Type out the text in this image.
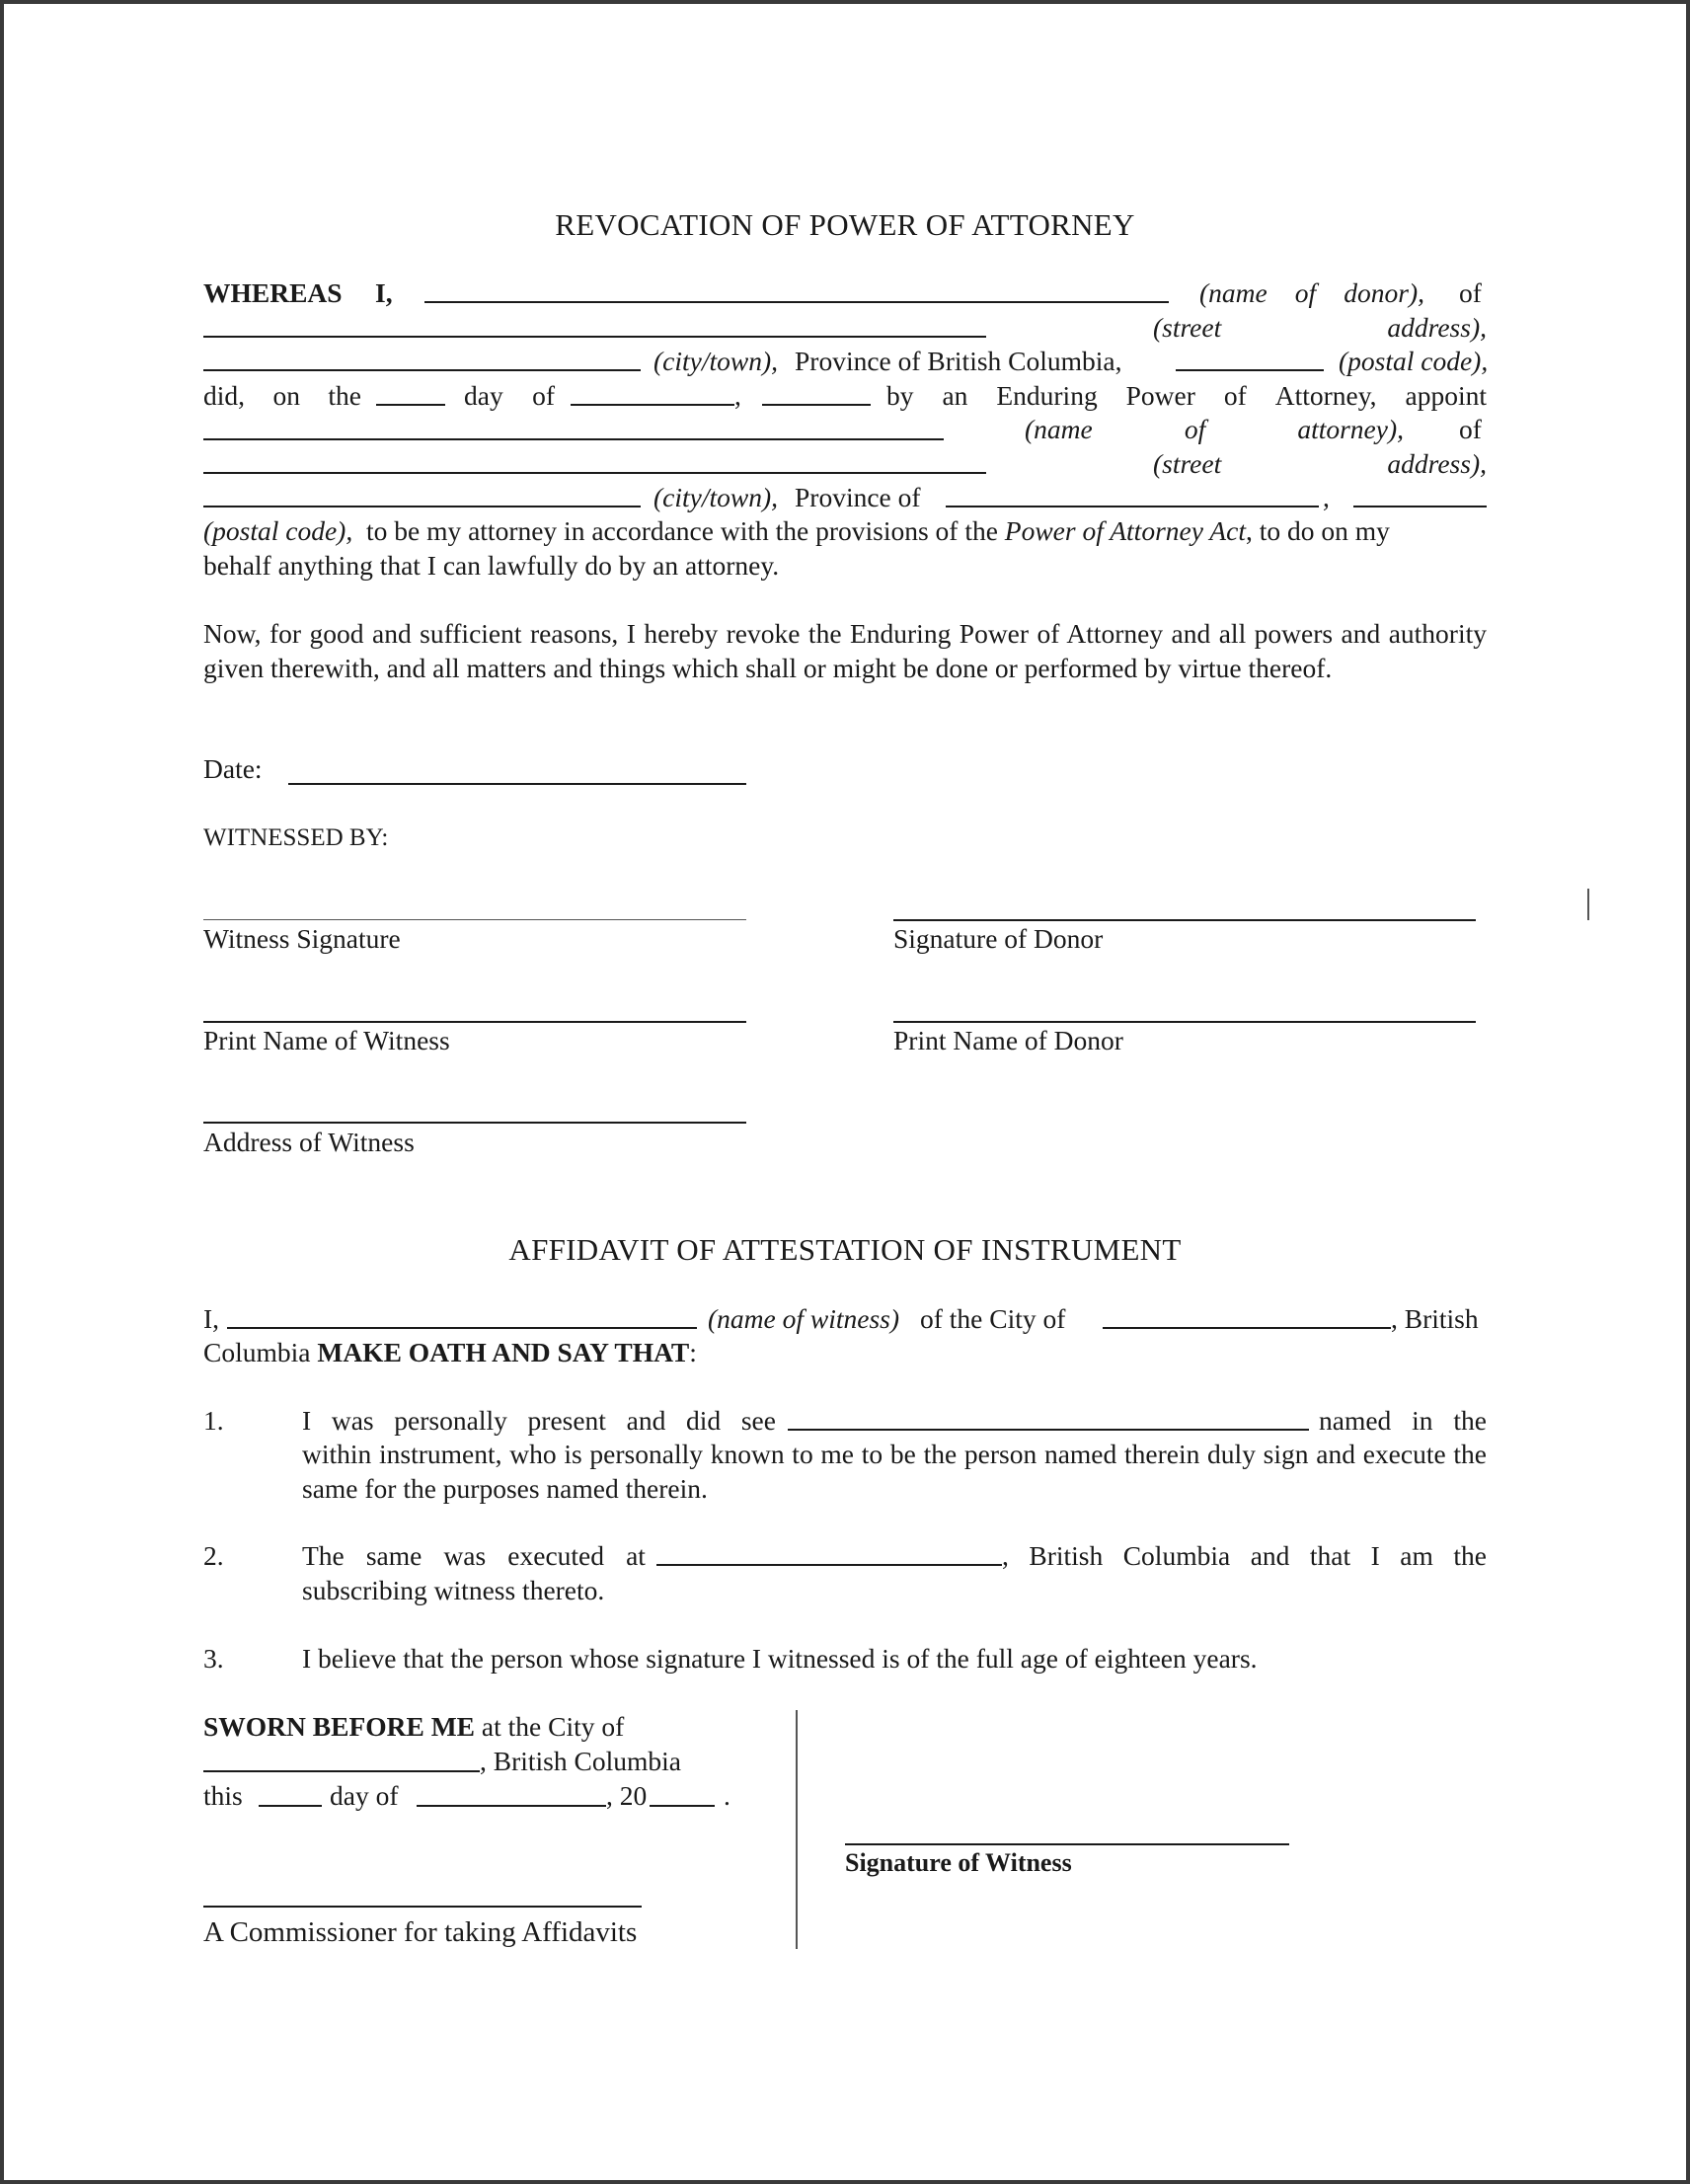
REVOCATION OF POWER OF ATTORNEY
WHEREAS I,	(name of donor), of
(street	address),
(city/town), Province of British Columbia,	(postal code),
did, on the	day of	,	by an Enduring Power of Attorney, appoint
(name	of	attorney), of
(street	address),
(city/town), Province of	,
(postal code), to be my attorney in accordance with the provisions of the Power of Attorney Act, to do on my
behalf anything that I can lawfully do by an attorney.
Now, for good and sufficient reasons, I hereby revoke the Enduring Power of Attorney and all powers and authority given therewith, and all matters and things which shall or might be done or performed by virtue thereof.
Date:
WITNESSED BY:
Witness Signature	Signature of Donor
Print Name of Witness	Print Name of Donor
Address of Witness
AFFIDAVIT OF ATTESTATION OF INSTRUMENT
I,	(name of witness) of the City of	, British
Columbia MAKE OATH AND SAY THAT:
1.	I was personally present and did see	named in the
within instrument, who is personally known to me to be the person named therein duly sign and execute the same for the purposes named therein.
2.	The same was executed at	, British Columbia and that I am the
subscribing witness thereto.
3.	I believe that the person whose signature I witnessed is of the full age of eighteen years.
SWORN BEFORE ME at the City of
, British Columbia
this	day of	, 20	.
Signature of Witness
A Commissioner for taking Affidavits
